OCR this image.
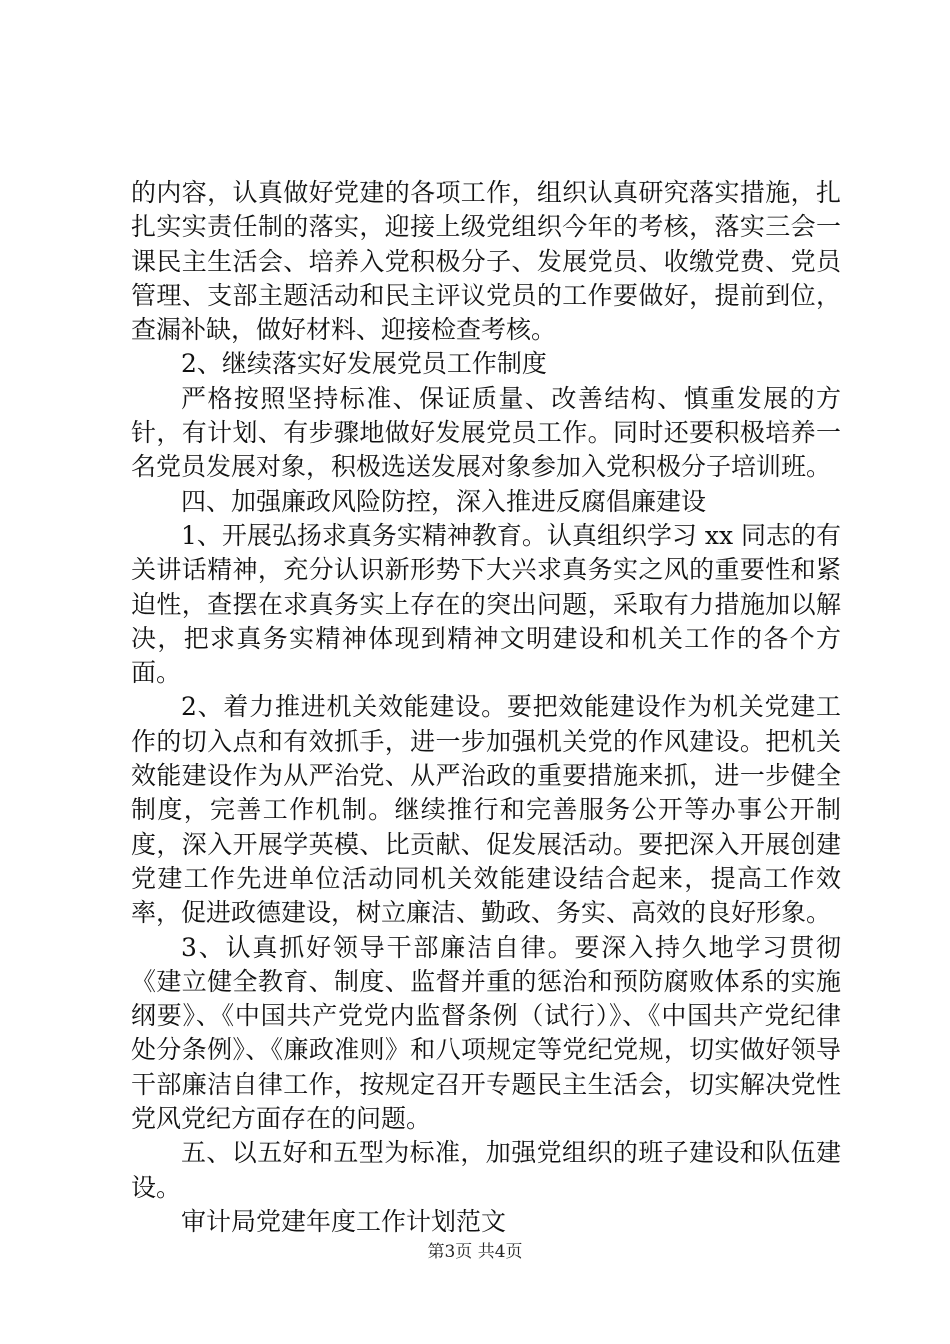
的内容，认真做好党建的各项工作，组织认真研究落实措施，扎扎实实责任制的落实，迎接上级党组织今年的考核，落实三会一课民主生活会、培养入党积极分子、发展党员、收缴党费、党员管理、支部主题活动和民主评议党员的工作要做好，提前到位，查漏补缺，做好材料、迎接检查考核。

2、继续落实好发展党员工作制度

严格按照坚持标准、保证质量、改善结构、慎重发展的方针，有计划、有步骤地做好发展党员工作。同时还要积极培养一名党员发展对象，积极选送发展对象参加入党积极分子培训班。

四、加强廉政风险防控，深入推进反腐倡廉建设

1、开展弘扬求真务实精神教育。认真组织学习 xx 同志的有关讲话精神，充分认识新形势下大兴求真务实之风的重要性和紧迫性，查摆在求真务实上存在的突出问题，采取有力措施加以解决，把求真务实精神体现到精神文明建设和机关工作的各个方面。

2、着力推进机关效能建设。要把效能建设作为机关党建工作的切入点和有效抓手，进一步加强机关党的作风建设。把机关效能建设作为从严治党、从严治政的重要措施来抓，进一步健全制度，完善工作机制。继续推行和完善服务公开等办事公开制度，深入开展学英模、比贡献、促发展活动。要把深入开展创建党建工作先进单位活动同机关效能建设结合起来，提高工作效率，促进政德建设，树立廉洁、勤政、务实、高效的良好形象。

3、认真抓好领导干部廉洁自律。要深入持久地学习贯彻《建立健全教育、制度、监督并重的惩治和预防腐败体系的实施纲要》、《中国共产党党内监督条例（试行）》、《中国共产党纪律处分条例》、《廉政准则》和八项规定等党纪党规，切实做好领导干部廉洁自律工作，按规定召开专题民主生活会，切实解决党性党风党纪方面存在的问题。

五、以五好和五型为标准，加强党组织的班子建设和队伍建设。

审计局党建年度工作计划范文

第3页 共4页
